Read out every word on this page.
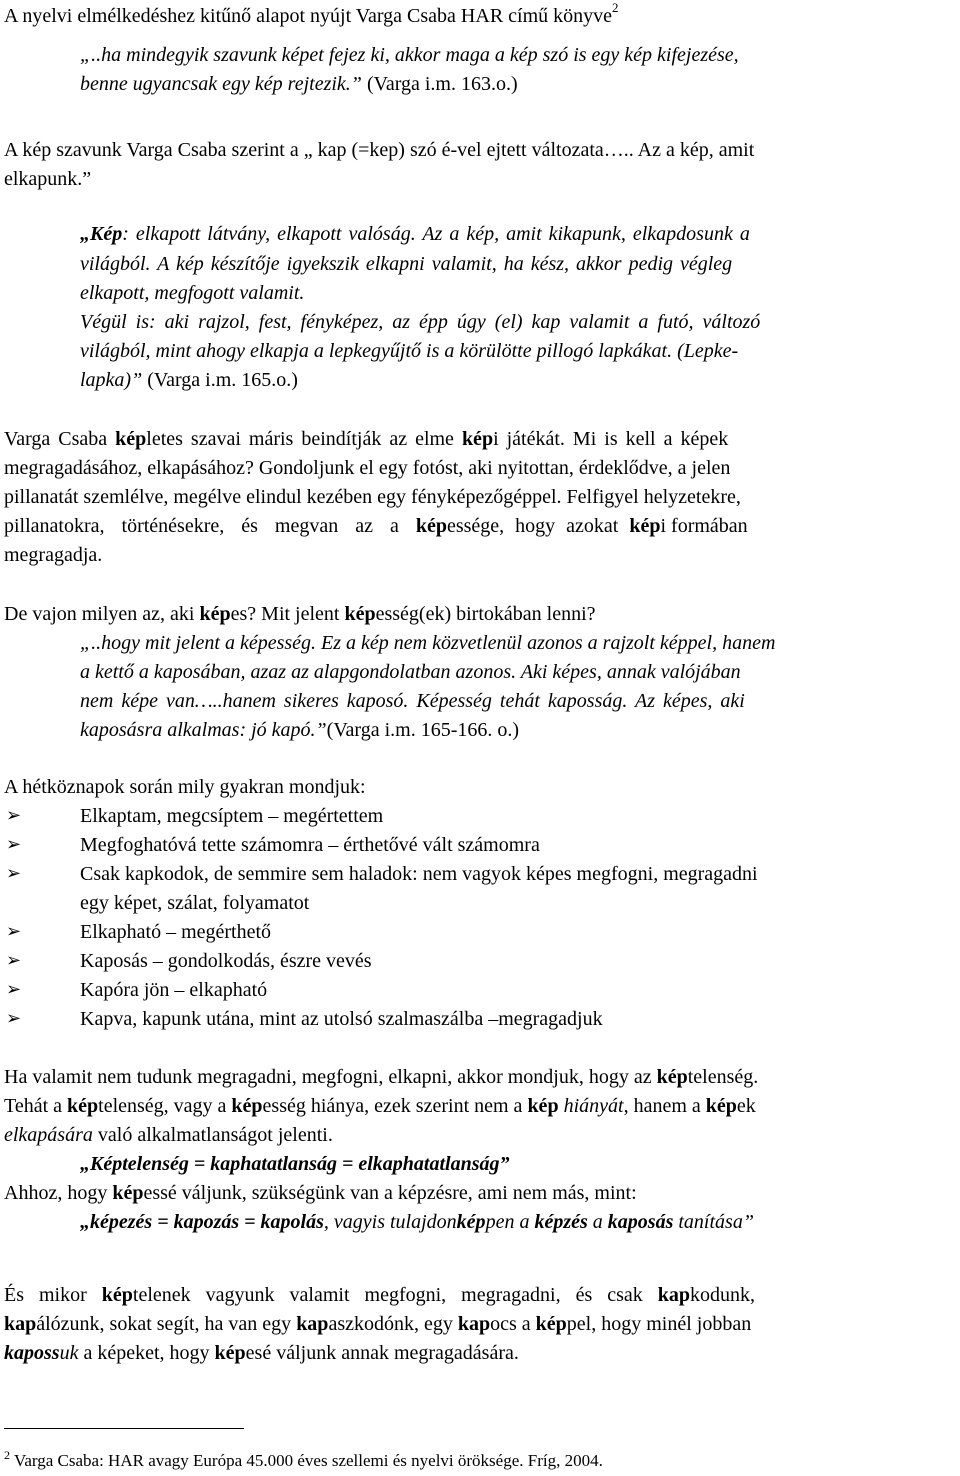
A nyelvi elmélkedéshez kitűnő alapot nyújt Varga Csaba HAR című könyve$^2$
„..ha mindegyik szavunk képet fejez ki, akkor maga a kép szó is egy kép kifejezése,
benne ugyancsak egy kép rejtezik.” (Varga i.m. 163.o.)
A kép szavunk Varga Csaba szerint a „ kap (=kep) szó é-vel ejtett változata….. Az a kép, amit
elkapunk.”
„Kép : elkapott látvány, elkapott valóság. Az a kép, amit kikapunk, elkapdosunk a
világból. A kép készítője igyekszik elkapni valamit, ha kész, akkor pedig végleg
elkapott, megfogott valamit.
Végül is: aki rajzol, fest, fényképez, az épp úgy (el) kap valamit a futó, változó
világból, mint ahogy elkapja a lepkegyűjtő is a körülötte pillogó lapkákat. (Lepke-
lapka)” (Varga i.m. 165.o.)
Varga Csaba kép letes szavai máris beindítják az elme kép i játékát. Mi is kell a képek
megragadásához, elkapásához? Gondoljunk el egy fotóst, aki nyitottan, érdeklődve, a jelen
pillanatát szemlélve, megélve elindul kezében egy fényképezőgéppel. Felfigyel helyzetekre,
pillanatokra, történésekre, és megvan az a kép essége, hogy azokat kép i formában
megragadja.
De vajon milyen az, aki kép es? Mit jelent kép esség(ek) birtokában lenni?
„..hogy mit jelent a képesség. Ez a kép nem közvetlenül azonos a rajzolt képpel, hanem
a kettő a kaposában, azaz az alapgondolatban azonos. Aki képes, annak valójában
nem képe van…..hanem sikeres kaposó. Képesség tehát kaposság. Az képes, aki
kaposásra alkalmas: jó kapó.” (Varga i.m. 165-166. o.)
A hétköznapok során mily gyakran mondjuk:
➢	Elkaptam, megcsíptem – megértettem
➢	Megfoghatóvá tette számomra – érthetővé vált számomra
➢	Csak kapkodok, de semmire sem haladok: nem vagyok képes megfogni, megragadni
egy képet, szálat, folyamatot
➢	Elkapható – megérthető
➢	Kaposás – gondolkodás, észre vevés
➢	Kapóra jön – elkapható
➢	Kapva, kapunk utána, mint az utolsó szalmaszálba –megragadjuk
Ha valamit nem tudunk megragadni, megfogni, elkapni, akkor mondjuk, hogy az kép telenség.
Tehát a kép telenség, vagy a kép esség hiánya, ezek szerint nem a kép
hiányát , hanem a kép ek
elkapására való alkalmatlanságot jelenti.
„Képtelenség = kaphatatlanság = elkaphatatlanság”
Ahhoz, hogy kép essé váljunk, szükségünk van a képzésre, ami nem más, mint:
„képezés = kapozás = kapolás , vagyis tulajdon kép pen a képzés a kaposás tanítása”
És mikor kép telenek vagyunk valamit megfogni, megragadni, és csak kap kodunk,
kap álózunk, sokat segít, ha van egy kap aszkodónk, egy kap ocs a kép pel, hogy minél jobban
kaposs uk a képeket, hogy kép esé váljunk annak megragadására.
$^2$ Varga Csaba: HAR avagy Európa 45.000 éves szellemi és nyelvi öröksége. Fríg, 2004.
